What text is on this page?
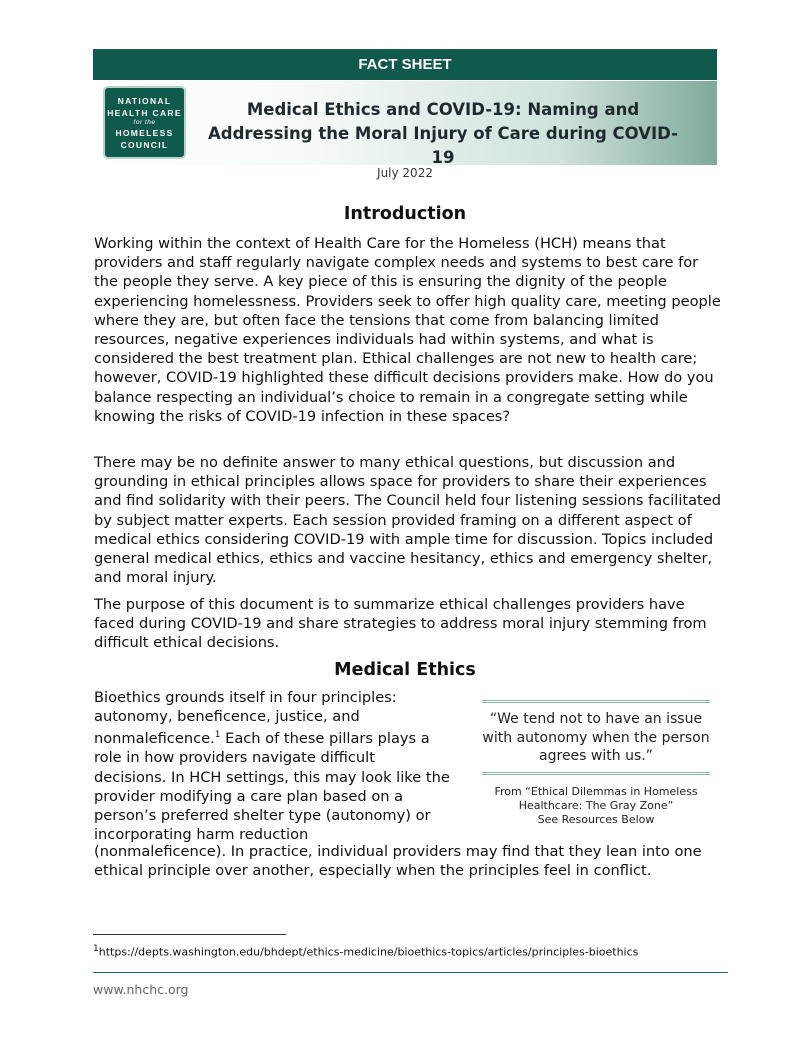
FACT SHEET
NATIONAL
HEALTH CARE
for the
HOMELESS
COUNCIL
Medical Ethics and COVID-19: Naming and
Addressing the Moral Injury of Care during COVID-19
July 2022
Introduction

Working within the context of Health Care for the Homeless (HCH) means that providers and staff regularly navigate complex needs and systems to best care for the people they serve. A key piece of this is ensuring the dignity of the people experiencing homelessness. Providers seek to offer high quality care, meeting people where they are, but often face the tensions that come from balancing limited resources, negative experiences individuals had within systems, and what is considered the best treatment plan. Ethical challenges are not new to health care; however, COVID-19 highlighted these difficult decisions providers make. How do you balance respecting an individual’s choice to remain in a congregate setting while knowing the risks of COVID-19 infection in these spaces?

There may be no definite answer to many ethical questions, but discussion and grounding in ethical principles allows space for providers to share their experiences and find solidarity with their peers. The Council held four listening sessions facilitated by subject matter experts. Each session provided framing on a different aspect of medical ethics considering COVID-19 with ample time for discussion. Topics included general medical ethics, ethics and vaccine hesitancy, ethics and emergency shelter, and moral injury.

The purpose of this document is to summarize ethical challenges providers have faced during COVID-19 and share strategies to address moral injury stemming from difficult ethical decisions.

Medical Ethics
Bioethics grounds itself in four principles:
autonomy, beneficence, justice, and
nonmaleficence.$^1$ Each of these pillars plays a
role in how providers navigate difficult
decisions. In HCH settings, this may look like the
provider modifying a care plan based on a
person’s preferred shelter type (autonomy) or
incorporating harm reduction

(nonmaleficence). In practice, individual providers may find that they lean into one ethical principle over another, especially when the principles feel in conflict.

“We tend not to have an issue with autonomy when the person agrees with us.”
From “Ethical Dilemmas in Homeless
Healthcare: The Gray Zone”
See Resources Below
$^1$https://depts.washington.edu/bhdept/ethics-medicine/bioethics-topics/articles/principles-bioethics
www.nhchc.org
